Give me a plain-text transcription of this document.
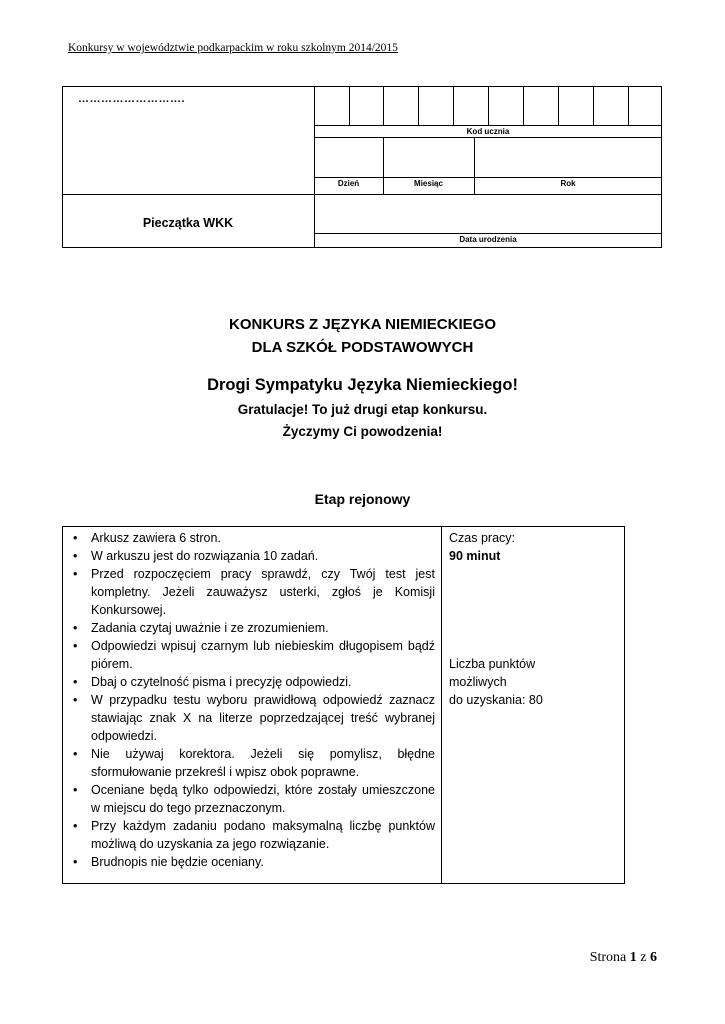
Konkursy w województwie podkarpackim w roku szkolnym 2014/2015
Kod ucznia
Dzień	Miesiąc	Rok
Data urodzenia
……………………….
Pieczątka WKK
KONKURS Z JĘZYKA NIEMIECKIEGO
DLA SZKÓŁ PODSTAWOWYCH
Drogi Sympatyku Języka Niemieckiego!
Gratulacje! To już drugi etap konkursu.
Życzymy Ci powodzenia!
Etap rejonowy
• Arkusz zawiera 6 stron.
• W arkuszu jest do rozwiązania 10 zadań.
• Przed rozpoczęciem pracy sprawdź, czy Twój test jest kompletny. Jeżeli zauważysz usterki, zgłoś je Komisji Konkursowej.
• Zadania czytaj uważnie i ze zrozumieniem.
• Odpowiedzi wpisuj czarnym lub niebieskim długopisem bądź piórem.
• Dbaj o czytelność pisma i precyzję odpowiedzi.
• W przypadku testu wyboru prawidłową odpowiedź zaznacz stawiając znak X na literze poprzedzającej treść wybranej odpowiedzi.
• Nie używaj korektora. Jeżeli się pomylisz, błędne sformułowanie przekreśl i wpisz obok poprawne.
• Oceniane będą tylko odpowiedzi, które zostały umieszczone w miejscu do tego przeznaczonym.
• Przy każdym zadaniu podano maksymalną liczbę punktów możliwą do uzyskania za jego rozwiązanie.
• Brudnopis nie będzie oceniany.
Czas pracy:
90 minut
Liczba punktów
możliwych
do uzyskania: 80
Strona 1 z 6
